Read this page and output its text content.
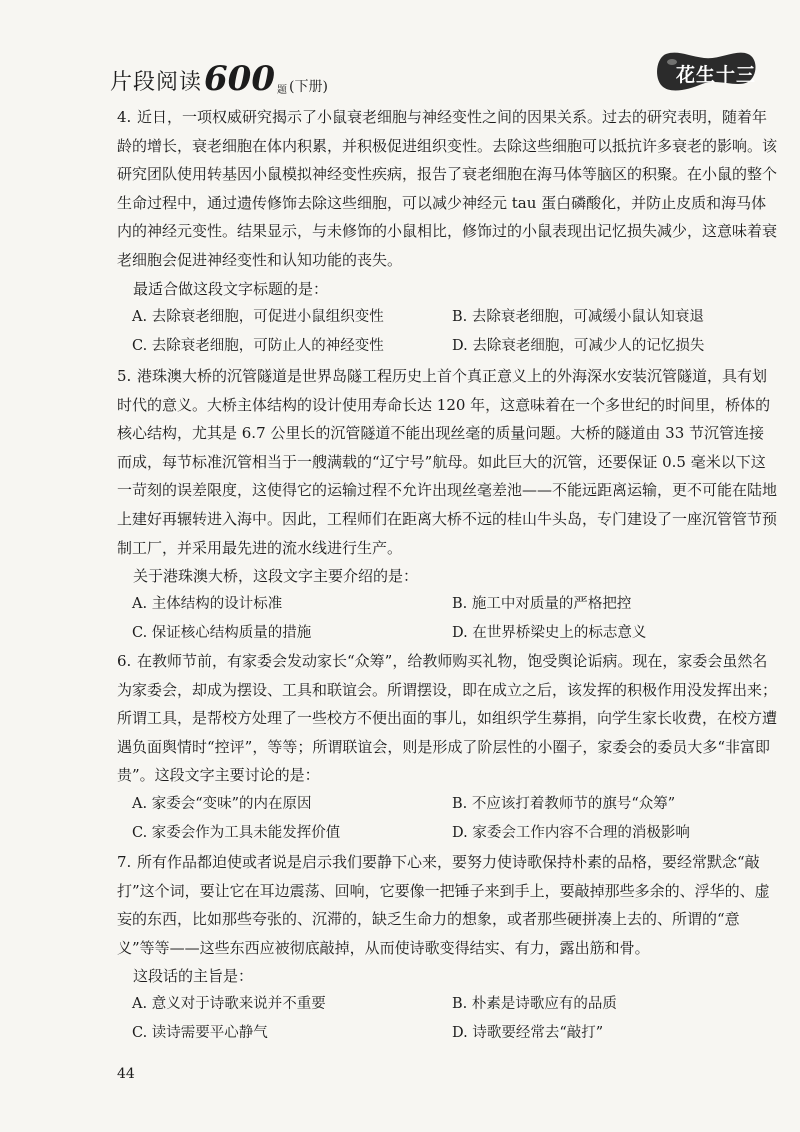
片段阅读 600 题 (下册)
花生十三

4. 近日，一项权威研究揭示了小鼠衰老细胞与神经变性之间的因果关系。过去的研究表明，随着年龄的增长，衰老细胞在体内积累，并积极促进组织变性。去除这些细胞可以抵抗许多衰老的影响。该研究团队使用转基因小鼠模拟神经变性疾病，报告了衰老细胞在海马体等脑区的积聚。在小鼠的整个生命过程中，通过遗传修饰去除这些细胞，可以减少神经元 tau 蛋白磷酸化，并防止皮质和海马体内的神经元变性。结果显示，与未修饰的小鼠相比，修饰过的小鼠表现出记忆损失减少，这意味着衰老细胞会促进神经变性和认知功能的丧失。

最适合做这段文字标题的是：
A. 去除衰老细胞，可促进小鼠组织变性	B. 去除衰老细胞，可减缓小鼠认知衰退
C. 去除衰老细胞，可防止人的神经变性	D. 去除衰老细胞，可减少人的记忆损失

5. 港珠澳大桥的沉管隧道是世界岛隧工程历史上首个真正意义上的外海深水安装沉管隧道，具有划时代的意义。大桥主体结构的设计使用寿命长达 120 年，这意味着在一个多世纪的时间里，桥体的核心结构，尤其是 6.7 公里长的沉管隧道不能出现丝毫的质量问题。大桥的隧道由 33 节沉管连接而成，每节标准沉管相当于一艘满载的“辽宁号”航母。如此巨大的沉管，还要保证 0.5 毫米以下这一苛刻的误差限度，这使得它的运输过程不允许出现丝毫差池——不能远距离运输，更不可能在陆地上建好再辗转进入海中。因此，工程师们在距离大桥不远的桂山牛头岛，专门建设了一座沉管管节预制工厂，并采用最先进的流水线进行生产。

关于港珠澳大桥，这段文字主要介绍的是：
A. 主体结构的设计标准	B. 施工中对质量的严格把控
C. 保证核心结构质量的措施	D. 在世界桥梁史上的标志意义

6. 在教师节前，有家委会发动家长“众筹”，给教师购买礼物，饱受舆论诟病。现在，家委会虽然名为家委会，却成为摆设、工具和联谊会。所谓摆设，即在成立之后，该发挥的积极作用没发挥出来；所谓工具，是帮校方处理了一些校方不便出面的事儿，如组织学生募捐，向学生家长收费，在校方遭遇负面舆情时“控评”，等等；所谓联谊会，则是形成了阶层性的小圈子，家委会的委员大多“非富即贵”。这段文字主要讨论的是：

A. 家委会“变味”的内在原因	B. 不应该打着教师节的旗号“众筹”
C. 家委会作为工具未能发挥价值	D. 家委会工作内容不合理的消极影响

7. 所有作品都迫使或者说是启示我们要静下心来，要努力使诗歌保持朴素的品格，要经常默念“敲打”这个词，要让它在耳边震荡、回响，它要像一把锤子来到手上，要敲掉那些多余的、浮华的、虚妄的东西，比如那些夸张的、沉滞的，缺乏生命力的想象，或者那些硬拼凑上去的、所谓的“意义”等等——这些东西应被彻底敲掉，从而使诗歌变得结实、有力，露出筋和骨。

这段话的主旨是：
A. 意义对于诗歌来说并不重要	B. 朴素是诗歌应有的品质
C. 读诗需要平心静气	D. 诗歌要经常去“敲打”
44
